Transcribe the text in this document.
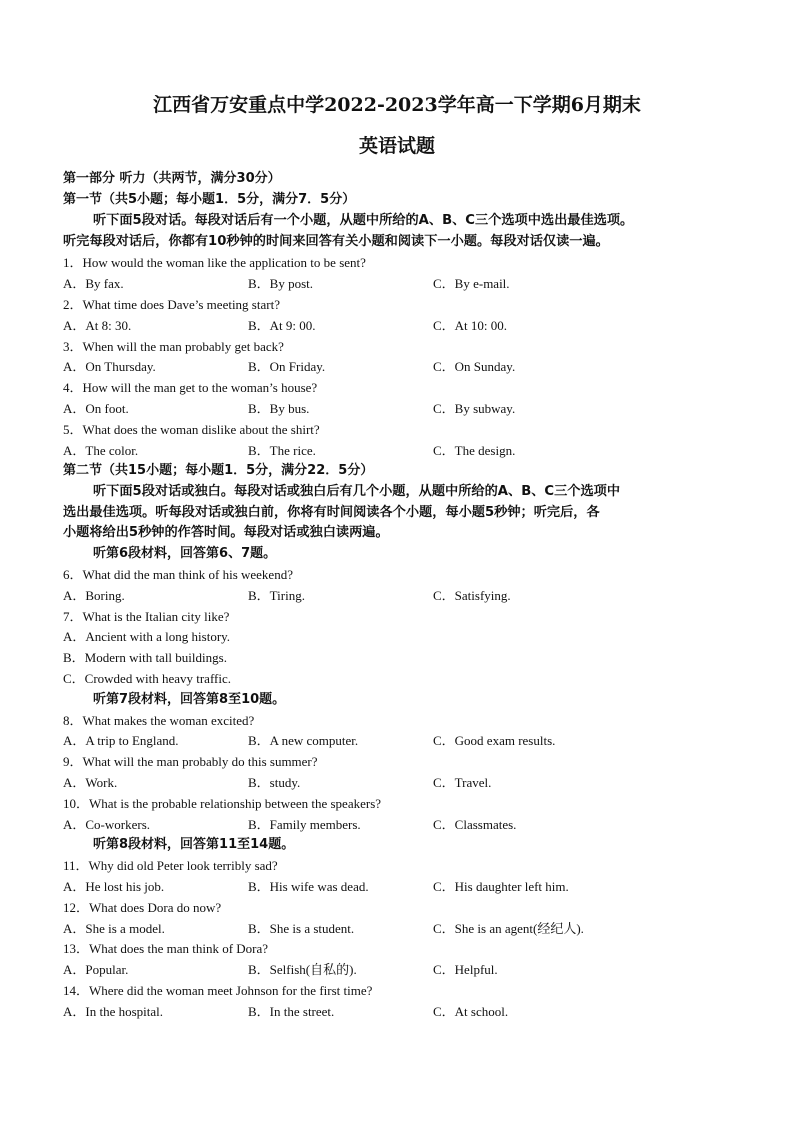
江西省万安重点中学2022-2023学年高一下学期6月期末
英语试题
第一部分 听力（共两节，满分30分）
第一节（共5小题；每小题1．5分，满分7．5分）
听下面5段对话。每段对话后有一个小题，从题中所给的A、B、C三个选项中选出最佳选项。
听完每段对话后，你都有10秒钟的时间来回答有关小题和阅读下一小题。每段对话仅读一遍。
1．How would the woman like the application to be sent?
A．By fax.	B．By post.	C．By e-mail.
2．What time does Dave’s meeting start?
A．At 8: 30.	B．At 9: 00.	C．At 10: 00.
3．When will the man probably get back?
A．On Thursday.	B．On Friday.	C．On Sunday.
4．How will the man get to the woman’s house?
A．On foot.	B．By bus.	C．By subway.
5．What does the woman dislike about the shirt?
A．The color.	B．The rice.	C．The design.
第二节（共15小题；每小题1．5分，满分22．5分）
听下面5段对话或独白。每段对话或独白后有几个小题，从题中所给的A、B、C三个选项中
选出最佳选项。听每段对话或独白前，你将有时间阅读各个小题，每小题5秒钟；听完后，各
小题将给出5秒钟的作答时间。每段对话或独白读两遍。
听第6段材料，回答第6、7题。
6．What did the man think of his weekend?
A．Boring.	B．Tiring.	C．Satisfying.
7．What is the Italian city like?
A．Ancient with a long history.
B．Modern with tall buildings.
C．Crowded with heavy traffic.
听第7段材料，回答第8至10题。
8．What makes the woman excited?
A．A trip to England.	B．A new computer.	C．Good exam results.
9．What will the man probably do this summer?
A．Work.	B．study.	C．Travel.
10．What is the probable relationship between the speakers?
A．Co-workers.	B．Family members.	C．Classmates.
听第8段材料，回答第11至14题。
11．Why did old Peter look terribly sad?
A．He lost his job.	B．His wife was dead.	C．His daughter left him.
12．What does Dora do now?
A．She is a model.	B．She is a student.	C．She is an agent(经纪人).
13．What does the man think of Dora?
A．Popular.	B．Selfish(自私的).	C．Helpful.
14．Where did the woman meet Johnson for the first time?
A．In the hospital.	B．In the street.	C．At school.
